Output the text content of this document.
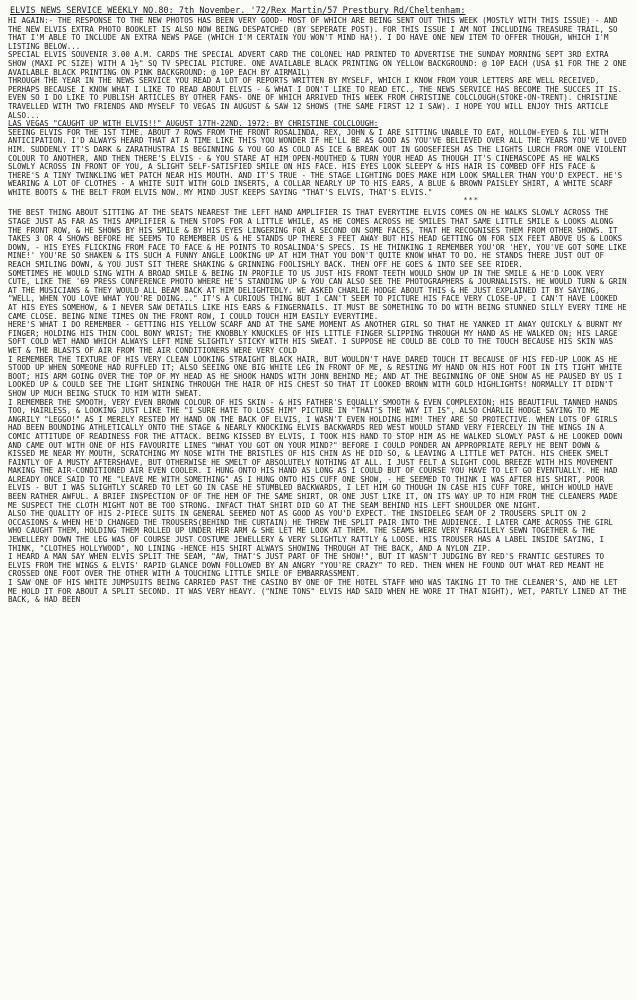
ELVIS NEWS SERVICE WEEKLY NO.80: 7th November. '72/Rex Martin/57 Prestbury Rd/Cheltenham:

HI AGAIN:- THE RESPONSE TO THE NEW PHOTOS HAS BEEN VERY GOOD- MOST OF WHICH ARE BEING SENT OUT THIS WEEK (MOSTLY WITH THIS ISSUE) - AND THE NEW ELVIS EXTRA PHOTO BOOKLET IS ALSO NOW BEING DESPATCHED (BY SEPERATE POST). FOR THIS ISSUE I AM NOT INCLUDING TREASURE TRAIL, SO THAT I'M ABLE TO INCLUDE AN EXTRA NEWS PAGE (WHICH I'M CERTAIN YOU WON'T MIND HA!). I DO HAVE ONE NEW ITEM TO OFFER THOUGH, WHICH I'M LISTING BELOW...

SPECIAL ELVIS SOUVENIR 3.00 A.M. CARDS THE SPECIAL ADVERT CARD THE COLONEL HAD PRINTED TO ADVERTISE THE SUNDAY MORNING SEPT 3RD EXTRA SHOW (MAXI PC SIZE) WITH A 1½" SQ TV SPECIAL PICTURE. ONE AVAILABLE BLACK PRINTING ON YELLOW BACKGROUND: @ 10P EACH (USA $1 FOR THE 2 ONE AVAILABLE BLACK PRINTING ON PINK BACKGROUND: @ 10P EACH BY AIRMAIL)

THROUGH THE YEAR IN THE NEWS SERVICE YOU READ A LOT OF REPORTS WRITTEN BY MYSELF, WHICH I KNOW FROM YOUR LETTERS ARE WELL RECEIVED, PERHAPS BECAUSE I KNOW WHAT I LIKE TO READ ABOUT ELVIS - & WHAT I DON'T LIKE TO READ ETC., THE NEWS SERVICE HAS BECOME THE SUCCES IT IS. EVEN SO I DO LIKE TO PUBLISH ARTICLES BY OTHER FANS- ONE OF WHICH ARRIVED THIS WEEK FROM CHRISTINE COLCLOUGH(STOKE-ON-TRENT). CHRISTINE TRAVELLED WITH TWO FRIENDS AND MYSELF TO VEGAS IN AUGUST & SAW 12 SHOWS (THE SAME FIRST 12 I SAW). I HOPE YOU WILL ENJOY THIS ARTICLE ALSO...

LAS VEGAS "CAUGHT UP WITH ELVIS!!" AUGUST 17TH-22ND. 1972: BY CHRISTINE COLCLOUGH:

SEEING ELVIS FOR THE 1ST TIME. ABOUT 7 ROWS FROM THE FRONT ROSALINDA, REX, JOHN & I ARE SITTING UNABLE TO EAT, HOLLOW-EYED & ILL WITH ANTICIPATION. I'D ALWAYS HEARD THAT AT A TIME LIKE THIS YOU WONDER IF HE'LL BE AS GOOD AS YOU'VE BELIEVED OVER ALL THE YEARS YOU'VE LOVED HIM. SUDDENLY IT'S DARK & ZARATHUSTRA IS BEGINNING & YOU GO AS COLD AS ICE & BREAK OUT IN GOOSEFIESH AS THE LIGHTS LURCH FROM ONE VIOLENT COLOUR TO ANOTHER, AND THEN THERE'S ELVIS - & YOU STARE AT HIM OPEN-MOUTHED & TURN YOUR HEAD AS THOUGH IT'S CINEMASCOPE AS HE WALKS SLOWLY ACROSS IN FRONT OF YOU, A SLIGHT SELF-SATISFIED SMILE ON HIS FACE. HIS EYES LOOK SLEEPY & HIS HAIR IS COMBED OFF HIS FACE & THERE'S A TINY TWINKLING WET PATCH NEAR HIS MOUTH. AND IT'S TRUE - THE STAGE LIGHTING DOES MAKE HIM LOOK SMALLER THAN YOU'D EXPECT. HE'S WEARING A LOT OF CLOTHES - A WHITE SUIT WITH GOLD INSERTS, A COLLAR NEARLY UP TO HIS EARS, A BLUE & BROWN PAISLEY SHIRT, A WHITE SCARF WHITE BOOTS & THE BELT FROM ELVIS NOW. MY MIND JUST KEEPS SAYING "THAT'S ELVIS, THAT'S ELVIS."

***

THE BEST THING ABOUT SITTING AT THE SEATS NEAREST THE LEFT HAND AMPLIFIER IS THAT EVERYTIME ELVIS COMES ON HE WALKS SLOWLY ACROSS THE STAGE JUST AS FAR AS THIS AMPLIFIER & THEN STOPS FOR A LITTLE WHILE, AS HE COMES ACROSS HE SMILES THAT SAME LITTLE SMILE & LOOKS ALONG THE FRONT ROW, & HE SHOWS BY HIS SMILE & BY HIS EYES LINGERING FOR A SECOND ON SOME FACES, THAT HE RECOGNISES THEM FROM OTHER SHOWS. IT TAKES 3 OR 4 SHOWS BEFORE HE SEEMS TO REMEMBER US & HE STANDS UP THERE 3 FEET AWAY BUT HIS HEAD GETTING ON FOR SIX FEET ABOVE US & LOOKS DOWN, - HIS EYES FLICKING FROM FACE TO FACE & HE POINTS TO ROSALINDA'S SPECS. IS HE THINKING I REMEMBER YOU'OR 'HEY, YOU'VE GOT SOME LIKE MINE!' YOU'RE SO SHAKEN & ITS SUCH A FUNNY ANGLE LOOKING UP AT HIM THAT YOU DON'T QUITE KNOW WHAT TO DO. HE STANDS THERE JUST OUT OF REACH SMILING DOWN, & YOU JUST SIT THERE SHAKING & GRINNING FOOLISHLY BACK. THEN OFF HE GOES & INTO SEE SEE RIDER.

SOMETIMES HE WOULD SING WITH A BROAD SMILE & BEING IN PROFILE TO US JUST HIS FRONT TEETH WOULD SHOW UP IN THE SMILE & HE'D LOOK VERY CUTE, LIKE THE '69 PRESS CONFERENCE PHOTO WHERE HE'S STANDING UP & YOU CAN ALSO SEE THE PHOTOGRAPHERS & JOURNALISTS. HE WOULD TURN & GRIN AT THE MUSICIANS & THEY WOULD ALL BEAM BACK AT HIM DELIGHTEDLY. WE ASKED CHARLIE HODGE ABOUT THIS & HE JUST EXPLAINED IT BY SAYING, "WELL, WHEN YOU LOVE WHAT YOU'RE DOING..." IT'S A CURIOUS THING BUT I CAN'T SEEM TO PICTURE HIS FACE VERY CLOSE-UP. I CAN'T HAVE LOOKED AT HIS EYES SOMEHOW, & I NEVER SAW DETAILS LIKE HIS EARS & FINGERNAILS. IT MUST BE SOMETHING TO DO WITH BEING STUNNED SILLY EVERY TIME HE CAME CLOSE. BEING NINE TIMES ON THE FRONT ROW, I COULD TOUCH HIM EASILY EVERYTIME.

HERE'S WHAT I DO REMEMBER - GETTING HIS YELLOW SCARF AND AT THE SAME MOMENT AS ANOTHER GIRL SO THAT HE YANKED IT AWAY QUICKLY & BURNT MY FINGER; HOLDING HIS THIN COOL BONY WRIST; THE KNOBBLY KNUCKLES OF HIS LITTLE FINGER SLIPPING THROUGH MY HAND AS HE WALKED ON; HIS LARGE SOFT COLD WET HAND WHICH ALWAYS LEFT MINE SLIGHTLY STICKY WITH HIS SWEAT. I SUPPOSE HE COULD BE COLD TO THE TOUCH BECAUSE HIS SKIN WAS WET & THE BLASTS OF AIR FROM THE AIR CONDITIONERS WERE VERY COLD

I REMEMBER THE TEXTURE OF HIS VERY CLEAN LOOKING STRAIGHT BLACK HAIR, BUT WOULDN'T HAVE DARED TOUCH IT BECAUSE OF HIS FED-UP LOOK AS HE STOOD UP WHEN SOMEONE HAD RUFFLED IT; ALSO SEEING ONE BIG WHITE LEG IN FRONT OF ME, & RESTING MY HAND ON HIS HOT FOOT IN ITS TIGHT WHITE BOOT; HIS ARM GOING OVER THE TOP OF MY HEAD AS HE SHOOK HANDS WITH JOHN BEHIND ME; AND AT THE BEGINNING OF ONE SHOW AS HE PAUSED BY US I LOOKED UP & COULD SEE THE LIGHT SHINING THROUGH THE HAIR OF HIS CHEST SO THAT IT LOOKED BROWN WITH GOLD HIGHLIGHTS! NORMALLY IT DIDN'T SHOW UP MUCH BEING STUCK TO HIM WITH SWEAT.

I REMEMBER THE SMOOTH, VERY EVEN BROWN COLOUR OF HIS SKIN - & HIS FATHER'S EQUALLY SMOOTH & EVEN COMPLEXION; HIS BEAUTIFUL TANNED HANDS TOO, HAIRLESS, & LOOKING JUST LIKE THE "I SURE HATE TO LOSE HIM" PICTURE IN "THAT'S THE WAY IT IS", ALSO CHARLIE HODGE SAYING TO ME ANGRILY "LEGGO!" AS I MERELY RESTED MY HAND ON THE BACK OF ELVIS, I WASN'T EVEN HOLDING HIM! THEY ARE SO PROTECTIVE. WHEN LOTS OF GIRLS HAD BEEN BOUNDING ATHLETICALLY ONTO THE STAGE & NEARLY KNOCKING ELVIS BACKWARDS RED WEST WOULD STAND VERY FIERCELY IN THE WINGS IN A COMIC ATTITUDE OF READINESS FOR THE ATTACK. BEING KISSED BY ELVIS, I TOOK HIS HAND TO STOP HIM AS HE WALKED SLOWLY PAST & HE LOOKED DOWN AND CAME OUT WITH ONE OF HIS FAVOURITE LINES "WHAT YOU GOT ON YOUR MIND?" BEFORE I COULD PONDER AN APPROPRIATE REPLY HE BENT DOWN & KISSED ME NEAR MY MOUTH, SCRATCHING MY NOSE WITH THE BRISTLES OF HIS CHIN AS HE DID SO, & LEAVING A LITTLE WET PATCH. HIS CHEEK SMELT FAINTLY OF A MUSTY AFTERSHAVE, BUT OTHERWISE HE SMELT OF ABSOLUTELY NOTHING AT ALL. I JUST FELT A SLIGHT COOL BREEZE WITH HIS MOVEMENT MAKING THE AIR-CONDITIONED AIR EVEN COOLER. I HUNG ONTO HIS HAND AS LONG AS I COULD BUT OF COURSE YOU HAVE TO LET GO EVENTUALLY. HE HAD ALREADY ONCE SAID TO ME "LEAVE ME WITH SOMETHING" AS I HUNG ONTO HIS CUFF ONE SHOW, - HE SEEMED TO THINK I WAS AFTER HIS SHIRT, POOR ELVIS - BUT I WAS SLIGHTLY SCARED TO LET GO IN CASE HE STUMBLED BACKWARDS, I LET HIM GO THOUGH IN CASE HIS CUFF TORE, WHICH WOULD HAVE BEEN RATHER AWFUL. A BRIEF INSPECTION OF OF THE HEM OF THE SAME SHIRT, OR ONE JUST LIKE IT, ON ITS WAY UP TO HIM FROM THE CLEANERS MADE ME SUSPECT THE CLOTH MIGHT NOT BE TOO STRONG. INFACT THAT SHIRT DID GO AT THE SEAM BEHIND HIS LEFT SHOULDER ONE NIGHT.

ALSO THE QUALITY OF HIS 2-PIECE SUITS IN GENERAL SEEMED NOT AS GOOD AS YOU'D EXPECT. THE INSIDELEG SEAM OF 2 TROUSERS SPLIT ON 2 OCCASIONS & WHEN HE'D CHANGED THE TROUSERS(BEHIND THE CURTAIN) HE THREW THE SPLIT PAIR INTO THE AUDIENCE. I LATER CAME ACROSS THE GIRL WHO CAUGHT THEM, HOLDING THEM ROLLED UP UNDER HER ARM & SHE LET ME LOOK AT THEM. THE SEAMS WERE VERY FRAGILELY SEWN TOGETHER & THE JEWELLERY DOWN THE LEG WAS OF COURSE JUST COSTUME JEWELLERY & VERY SLIGHTLY RATTLY & LOOSE. HIS TROUSER HAS A LABEL INSIDE SAYING, I THINK, "CLOTHES HOLLYWOOD", NO LINING -HENCE HIS SHIRT ALWAYS SHOWING THROUGH AT THE BACK, AND A NYLON ZIP.

I HEARD A MAN SAY WHEN ELVIS SPLIT THE SEAM, "AW, THAT'S JUST PART OF THE SHOW!", BUT IT WASN'T JUDGING BY RED'S FRANTIC GESTURES TO ELVIS FROM THE WINGS & ELVIS' RAPID GLANCE DOWN FOLLOWED BY AN ANGRY "YOU'RE CRAZY" TO RED. THEN WHEN HE FOUND OUT WHAT RED MEANT HE CROSSED ONE FOOT OVER THE OTHER WITH A TOUCHING LITTLE SMILE OF EMBARRASSMENT.

I SAW ONE OF HIS WHITE JUMPSUITS BEING CARRIED PAST THE CASINO BY ONE OF THE HOTEL STAFF WHO WAS TAKING IT TO THE CLEANER'S, AND HE LET ME HOLD IT FOR ABOUT A SPLIT SECOND. IT WAS VERY HEAVY. ("NINE TONS" ELVIS HAD SAID WHEN HE WORE IT THAT NIGHT), WET, PARTLY LINED AT THE BACK, & HAD BEEN
